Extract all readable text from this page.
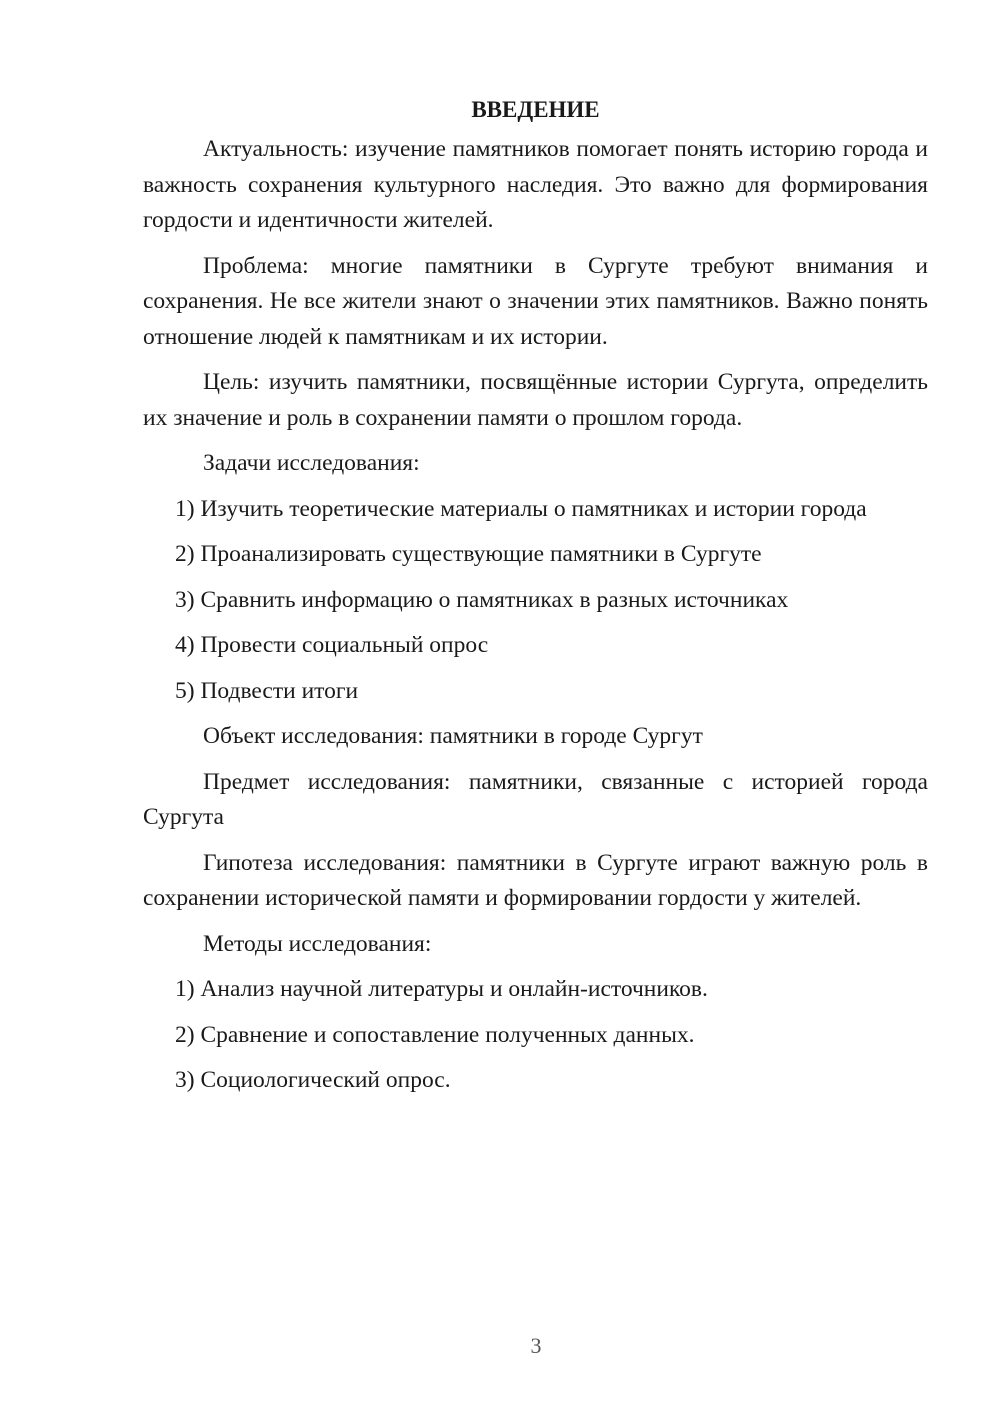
ВВЕДЕНИЕ

Актуальность: изучение памятников помогает понять историю города и важность сохранения культурного наследия. Это важно для формирования гордости и идентичности жителей.

Проблема: многие памятники в Сургуте требуют внимания и сохранения. Не все жители знают о значении этих памятников. Важно понять отношение людей к памятникам и их истории.

Цель: изучить памятники, посвящённые истории Сургута, определить их значение и роль в сохранении памяти о прошлом города.

Задачи исследования:

1) Изучить теоретические материалы о памятниках и истории города
2) Проанализировать существующие памятники в Сургуте
3) Сравнить информацию о памятниках в разных источниках
4) Провести социальный опрос
5) Подвести итоги

Объект исследования: памятники в городе Сургут

Предмет исследования: памятники, связанные с историей города Сургута

Гипотеза исследования: памятники в Сургуте играют важную роль в сохранении исторической памяти и формировании гордости у жителей.

Методы исследования:

1) Анализ научной литературы и онлайн-источников.
2) Сравнение и сопоставление полученных данных.
3) Социологический опрос.
3
